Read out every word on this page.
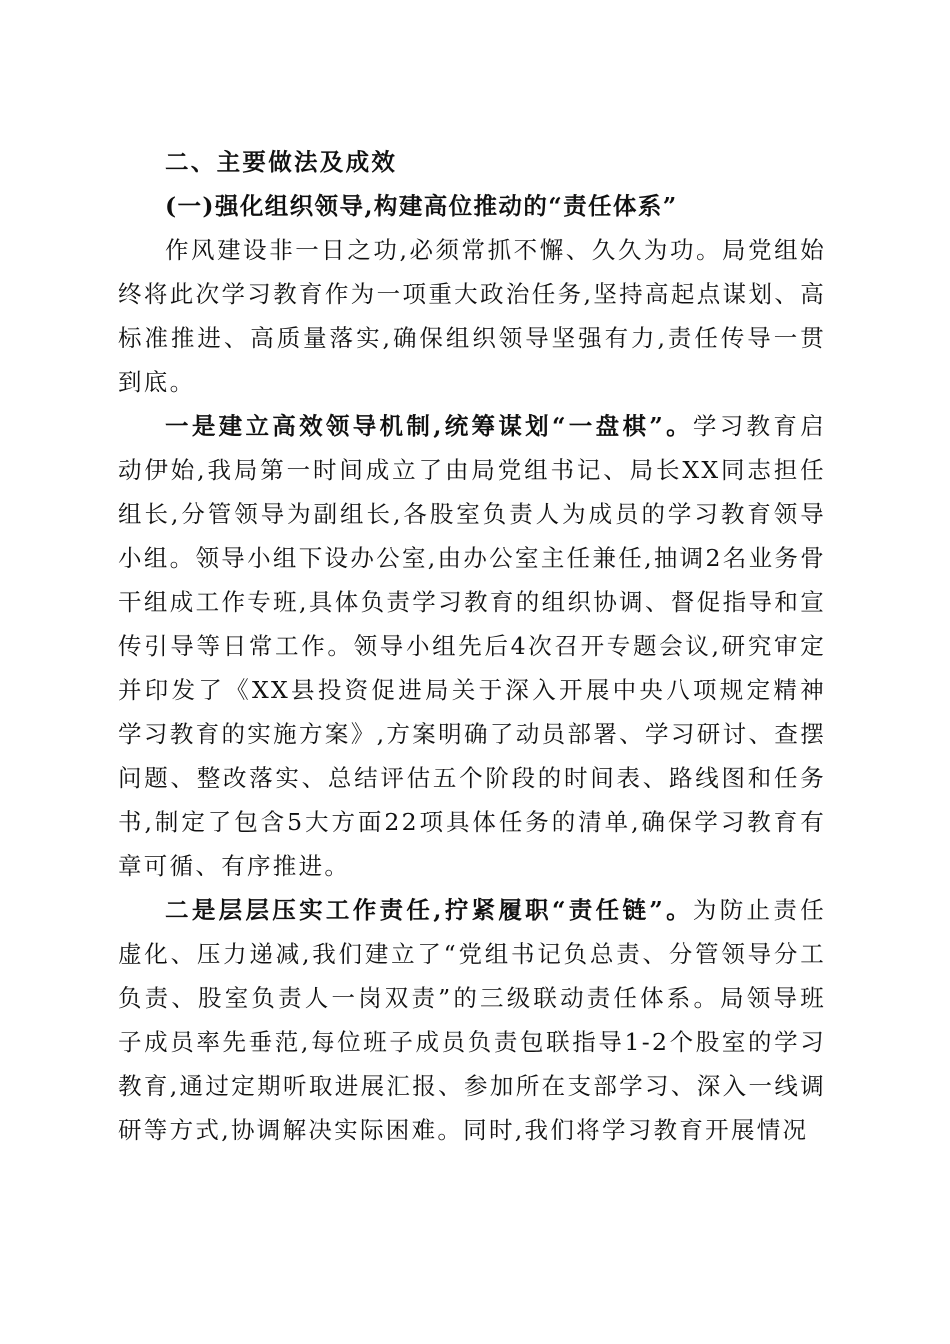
二、主要做法及成效

(一)强化组织领导,构建高位推动的“责任体系”

作风建设非一日之功,必须常抓不懈、久久为功。局党组始终将此次学习教育作为一项重大政治任务,坚持高起点谋划、高标准推进、高质量落实,确保组织领导坚强有力,责任传导一贯到底。

一是建立高效领导机制,统筹谋划“一盘棋”。学习教育启动伊始,我局第一时间成立了由局党组书记、局长XX同志担任组长,分管领导为副组长,各股室负责人为成员的学习教育领导小组。领导小组下设办公室,由办公室主任兼任,抽调2名业务骨干组成工作专班,具体负责学习教育的组织协调、督促指导和宣传引导等日常工作。领导小组先后4次召开专题会议,研究审定并印发了《XX县投资促进局关于深入开展中央八项规定精神学习教育的实施方案》,方案明确了动员部署、学习研讨、查摆问题、整改落实、总结评估五个阶段的时间表、路线图和任务书,制定了包含5大方面22项具体任务的清单,确保学习教育有章可循、有序推进。

二是层层压实工作责任,拧紧履职“责任链”。为防止责任虚化、压力递减,我们建立了“党组书记负总责、分管领导分工负责、股室负责人一岗双责”的三级联动责任体系。局领导班子成员率先垂范,每位班子成员负责包联指导1-2个股室的学习教育,通过定期听取进展汇报、参加所在支部学习、深入一线调研等方式,协调解决实际困难。同时,我们将学习教育开展情况
